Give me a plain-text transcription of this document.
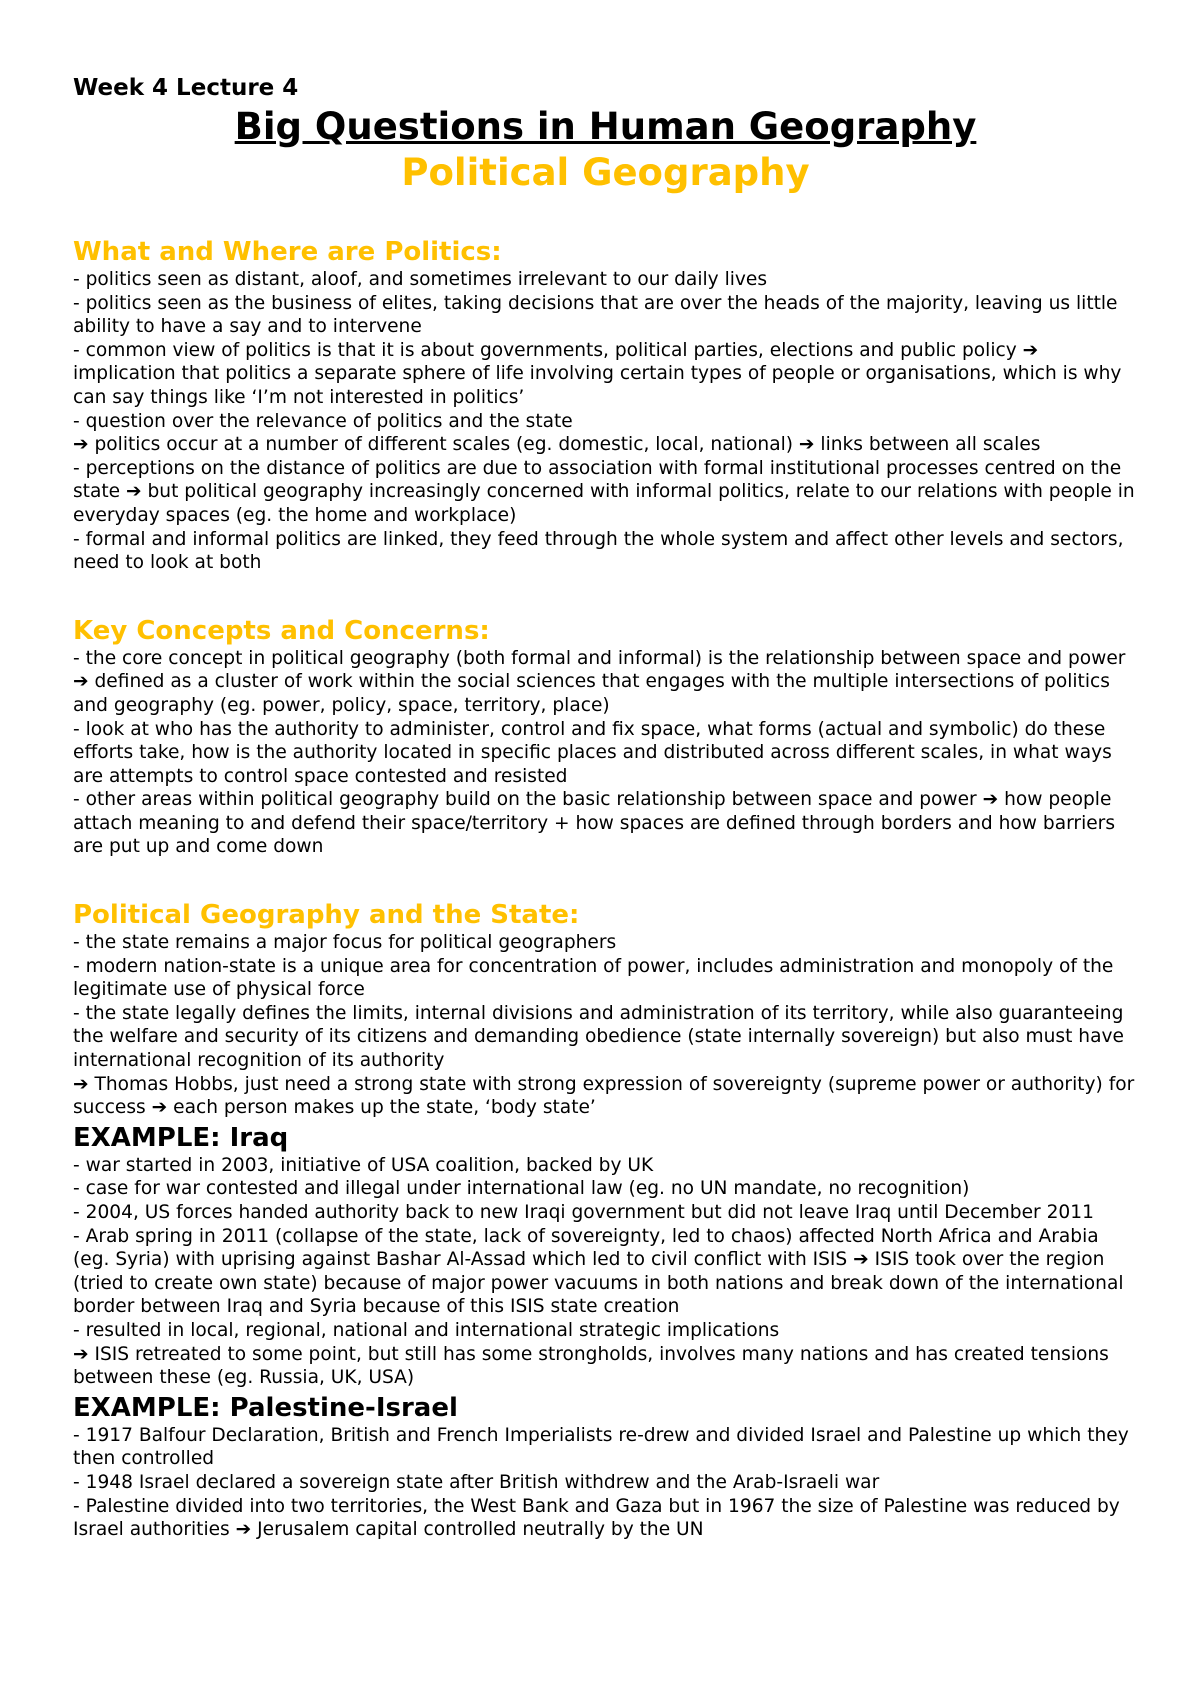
Week 4 Lecture 4

Big Questions in Human Geography
Political Geography
What and Where are Politics:
- politics seen as distant, aloof, and sometimes irrelevant to our daily lives
- politics seen as the business of elites, taking decisions that are over the heads of the majority, leaving us little ability to have a say and to intervene
- common view of politics is that it is about governments, political parties, elections and public policy ➔ implication that politics a separate sphere of life involving certain types of people or organisations, which is why can say things like ‘I’m not interested in politics’
- question over the relevance of politics and the state
➔ politics occur at a number of different scales (eg. domestic, local, national) ➔ links between all scales
- perceptions on the distance of politics are due to association with formal institutional processes centred on the state ➔ but political geography increasingly concerned with informal politics, relate to our relations with people in everyday spaces (eg. the home and workplace)
- formal and informal politics are linked, they feed through the whole system and affect other levels and sectors, need to look at both
Key Concepts and Concerns:
- the core concept in political geography (both formal and informal) is the relationship between space and power ➔ defined as a cluster of work within the social sciences that engages with the multiple intersections of politics and geography (eg. power, policy, space, territory, place)
- look at who has the authority to administer, control and fix space, what forms (actual and symbolic) do these efforts take, how is the authority located in specific places and distributed across different scales, in what ways are attempts to control space contested and resisted
- other areas within political geography build on the basic relationship between space and power ➔ how people attach meaning to and defend their space/territory + how spaces are defined through borders and how barriers are put up and come down
Political Geography and the State:
- the state remains a major focus for political geographers
- modern nation-state is a unique area for concentration of power, includes administration and monopoly of the legitimate use of physical force
- the state legally defines the limits, internal divisions and administration of its territory, while also guaranteeing the welfare and security of its citizens and demanding obedience (state internally sovereign) but also must have international recognition of its authority
➔ Thomas Hobbs, just need a strong state with strong expression of sovereignty (supreme power or authority) for success ➔ each person makes up the state, ‘body state’
EXAMPLE: Iraq
- war started in 2003, initiative of USA coalition, backed by UK
- case for war contested and illegal under international law (eg. no UN mandate, no recognition)
- 2004, US forces handed authority back to new Iraqi government but did not leave Iraq until December 2011
- Arab spring in 2011 (collapse of the state, lack of sovereignty, led to chaos) affected North Africa and Arabia (eg. Syria) with uprising against Bashar Al-Assad which led to civil conflict with ISIS ➔ ISIS took over the region (tried to create own state) because of major power vacuums in both nations and break down of the international border between Iraq and Syria because of this ISIS state creation
- resulted in local, regional, national and international strategic implications
➔ ISIS retreated to some point, but still has some strongholds, involves many nations and has created tensions between these (eg. Russia, UK, USA)
EXAMPLE: Palestine-Israel
- 1917 Balfour Declaration, British and French Imperialists re-drew and divided Israel and Palestine up which they then controlled
- 1948 Israel declared a sovereign state after British withdrew and the Arab-Israeli war
- Palestine divided into two territories, the West Bank and Gaza but in 1967 the size of Palestine was reduced by Israel authorities ➔ Jerusalem capital controlled neutrally by the UN
